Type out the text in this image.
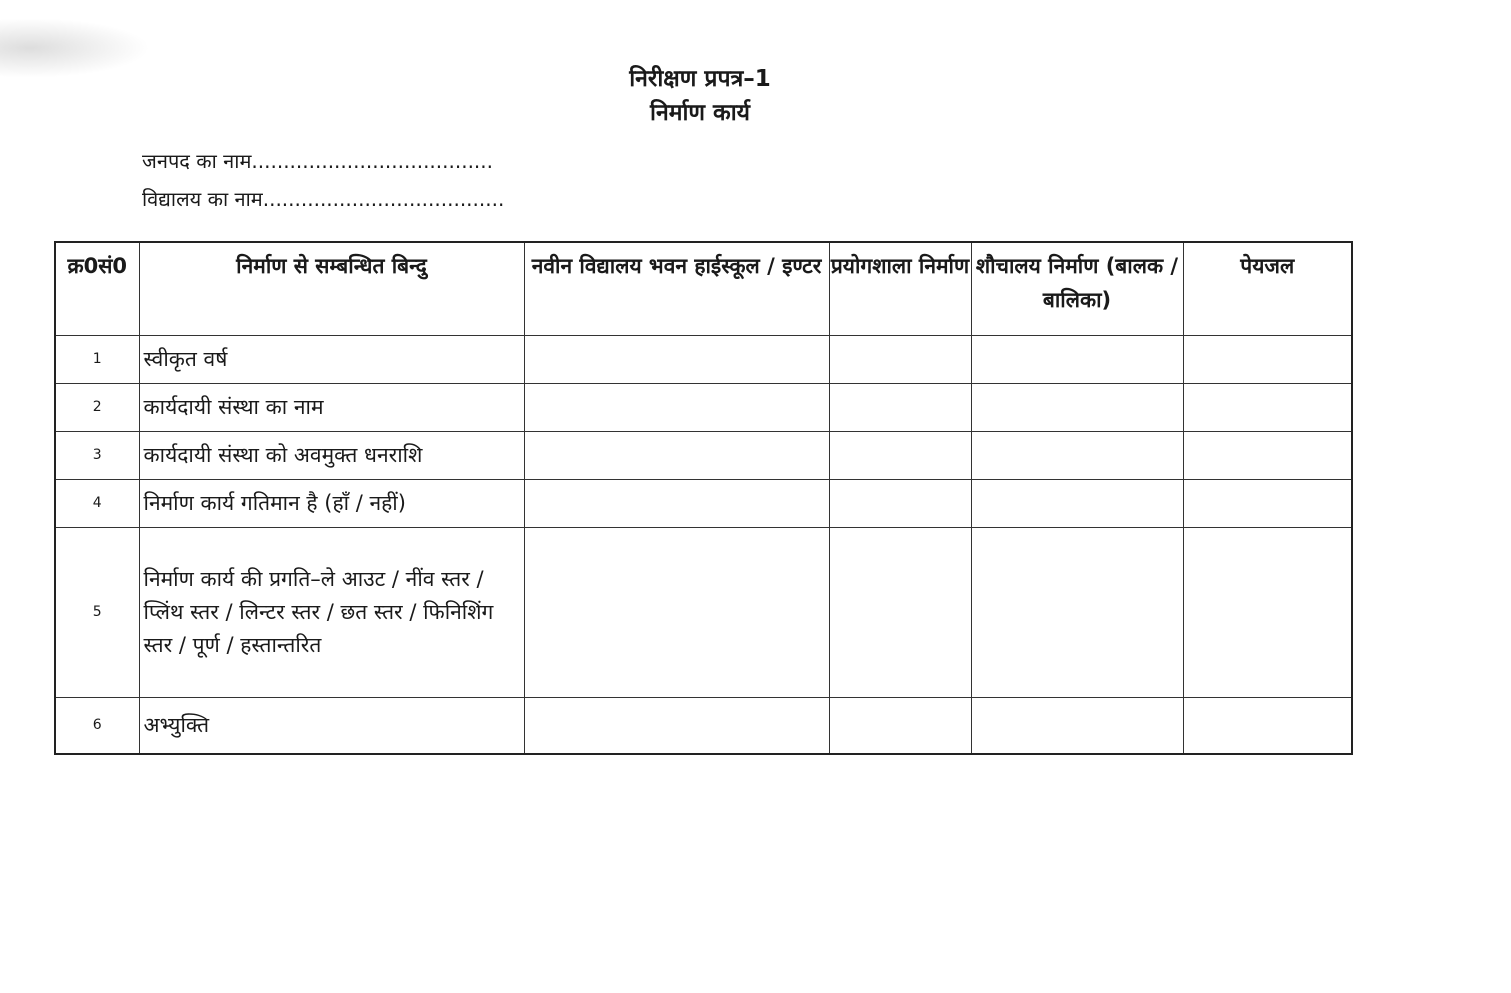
निरीक्षण प्रपत्र–1
निर्माण कार्य
जनपद का नाम......................................
विद्यालय का नाम......................................
क्र0सं0	निर्माण से सम्बन्धित बिन्दु	नवीन विद्यालय भवन हाईस्कूल / इण्टर	प्रयोगशाला निर्माण	शौचालय निर्माण (बालक / बालिका)	पेयजल
1	स्वीकृत वर्ष				
2	कार्यदायी संस्था का नाम				
3	कार्यदायी संस्था को अवमुक्त धनराशि				
4	निर्माण कार्य गतिमान है (हाँ / नहीं)				
5	निर्माण कार्य की प्रगति–ले आउट / नींव स्तर / प्लिंथ स्तर / लिन्टर स्तर / छत स्तर / फिनिशिंग स्तर / पूर्ण / हस्तान्तरित				
6	अभ्युक्ति				
